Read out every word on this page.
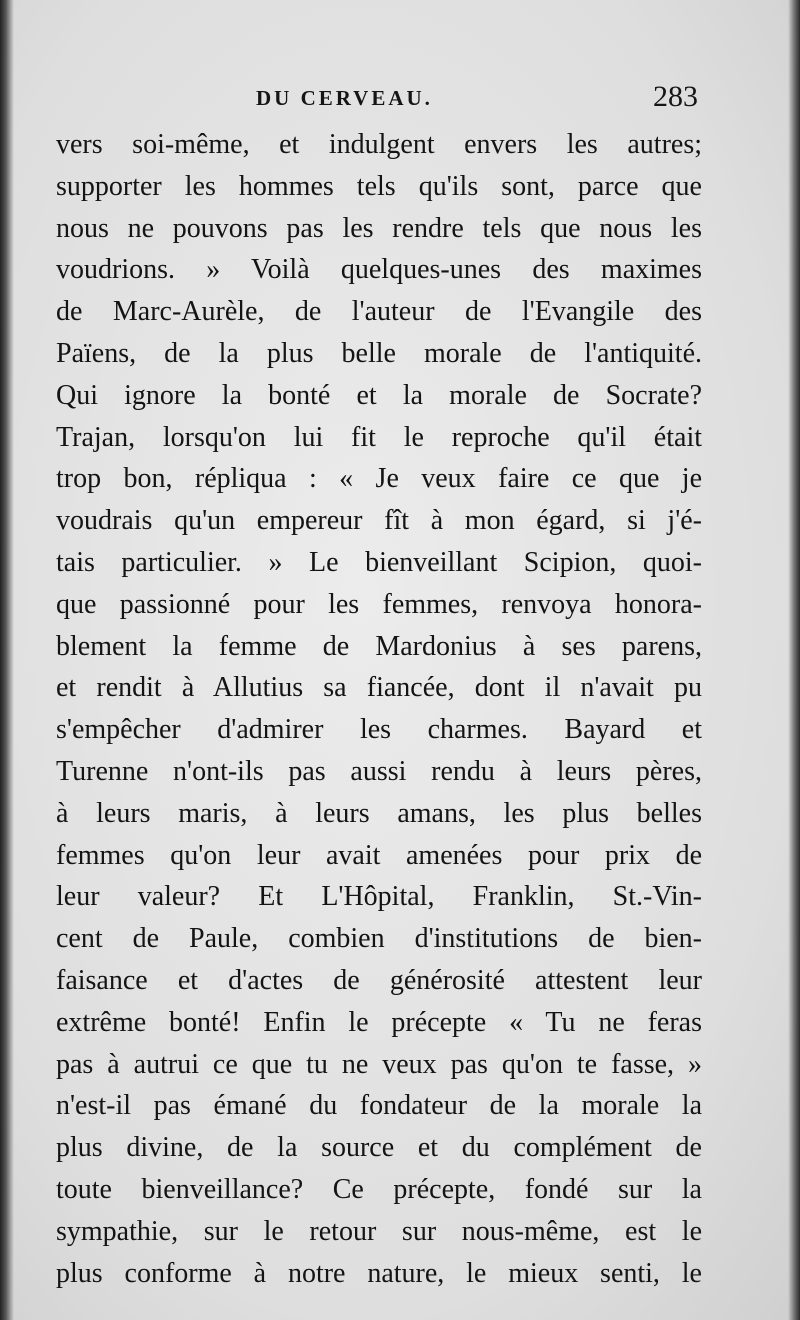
DU CERVEAU.	283
vers soi-même, et indulgent envers les autres;
supporter les hommes tels qu'ils sont, parce que
nous ne pouvons pas les rendre tels que nous les
voudrions. » Voilà quelques-unes des maximes
de Marc-Aurèle, de l'auteur de l'Evangile des
Païens, de la plus belle morale de l'antiquité.
Qui ignore la bonté et la morale de Socrate?
Trajan, lorsqu'on lui fit le reproche qu'il était
trop bon, répliqua : « Je veux faire ce que je
voudrais qu'un empereur fît à mon égard, si j'é-
tais particulier. » Le bienveillant Scipion, quoi-
que passionné pour les femmes, renvoya honora-
blement la femme de Mardonius à ses parens,
et rendit à Allutius sa fiancée, dont il n'avait pu
s'empêcher d'admirer les charmes. Bayard et
Turenne n'ont-ils pas aussi rendu à leurs pères,
à leurs maris, à leurs amans, les plus belles
femmes qu'on leur avait amenées pour prix de
leur valeur? Et L'Hôpital, Franklin, St.-Vin-
cent de Paule, combien d'institutions de bien-
faisance et d'actes de générosité attestent leur
extrême bonté! Enfin le précepte « Tu ne feras
pas à autrui ce que tu ne veux pas qu'on te fasse, »
n'est-il pas émané du fondateur de la morale la
plus divine, de la source et du complément de
toute bienveillance? Ce précepte, fondé sur la
sympathie, sur le retour sur nous-même, est le
plus conforme à notre nature, le mieux senti, le
